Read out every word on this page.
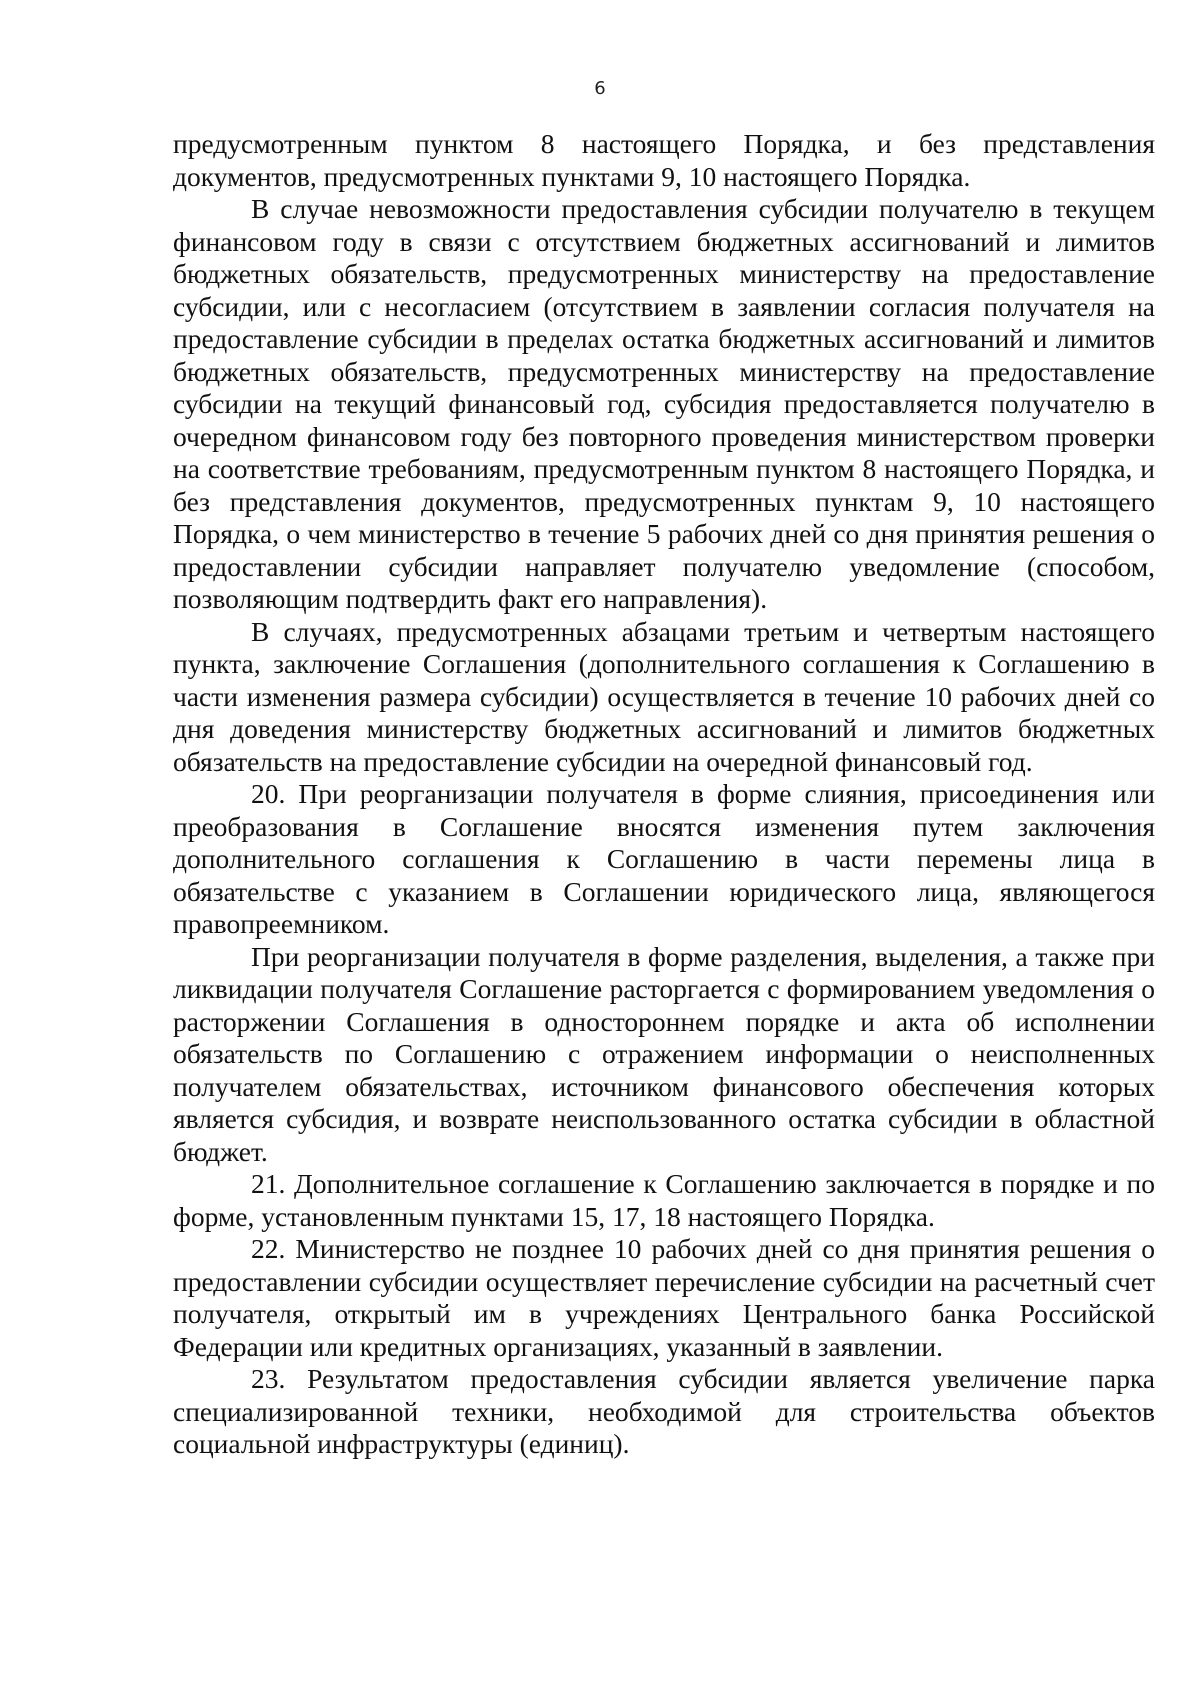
6

предусмотренным пунктом 8 настоящего Порядка, и без представления документов, предусмотренных пунктами 9, 10 настоящего Порядка.

В случае невозможности предоставления субсидии получателю в текущем финансовом году в связи с отсутствием бюджетных ассигнований и лимитов бюджетных обязательств, предусмотренных министерству на предоставление субсидии, или с несогласием (отсутствием в заявлении согласия получателя на предоставление субсидии в пределах остатка бюджетных ассигнований и лимитов бюджетных обязательств, предусмотренных министерству на предоставление субсидии на текущий финансовый год, субсидия предоставляется получателю в очередном финансовом году без повторного проведения министерством проверки на соответствие требованиям, предусмотренным пунктом 8 настоящего Порядка, и без представления документов, предусмотренных пунктам 9, 10 настоящего Порядка, о чем министерство в течение 5 рабочих дней со дня принятия решения о предоставлении субсидии направляет получателю уведомление (способом, позволяющим подтвердить факт его направления).

В случаях, предусмотренных абзацами третьим и четвертым настоящего пункта, заключение Соглашения (дополнительного соглашения к Соглашению в части изменения размера субсидии) осуществляется в течение 10 рабочих дней со дня доведения министерству бюджетных ассигнований и лимитов бюджетных обязательств на предоставление субсидии на очередной финансовый год.

20. При реорганизации получателя в форме слияния, присоединения или преобразования в Соглашение вносятся изменения путем заключения дополнительного соглашения к Соглашению в части перемены лица в обязательстве с указанием в Соглашении юридического лица, являющегося правопреемником.

При реорганизации получателя в форме разделения, выделения, а также при ликвидации получателя Соглашение расторгается с формированием уведомления о расторжении Соглашения в одностороннем порядке и акта об исполнении обязательств по Соглашению с отражением информации о неисполненных получателем обязательствах, источником финансового обеспечения которых является субсидия, и возврате неиспользованного остатка субсидии в областной бюджет.

21. Дополнительное соглашение к Соглашению заключается в порядке и по форме, установленным пунктами 15, 17, 18 настоящего Порядка.

22. Министерство не позднее 10 рабочих дней со дня принятия решения о предоставлении субсидии осуществляет перечисление субсидии на расчетный счет получателя, открытый им в учреждениях Центрального банка Российской Федерации или кредитных организациях, указанный в заявлении.

23. Результатом предоставления субсидии является увеличение парка специализированной техники, необходимой для строительства объектов социальной инфраструктуры (единиц).
